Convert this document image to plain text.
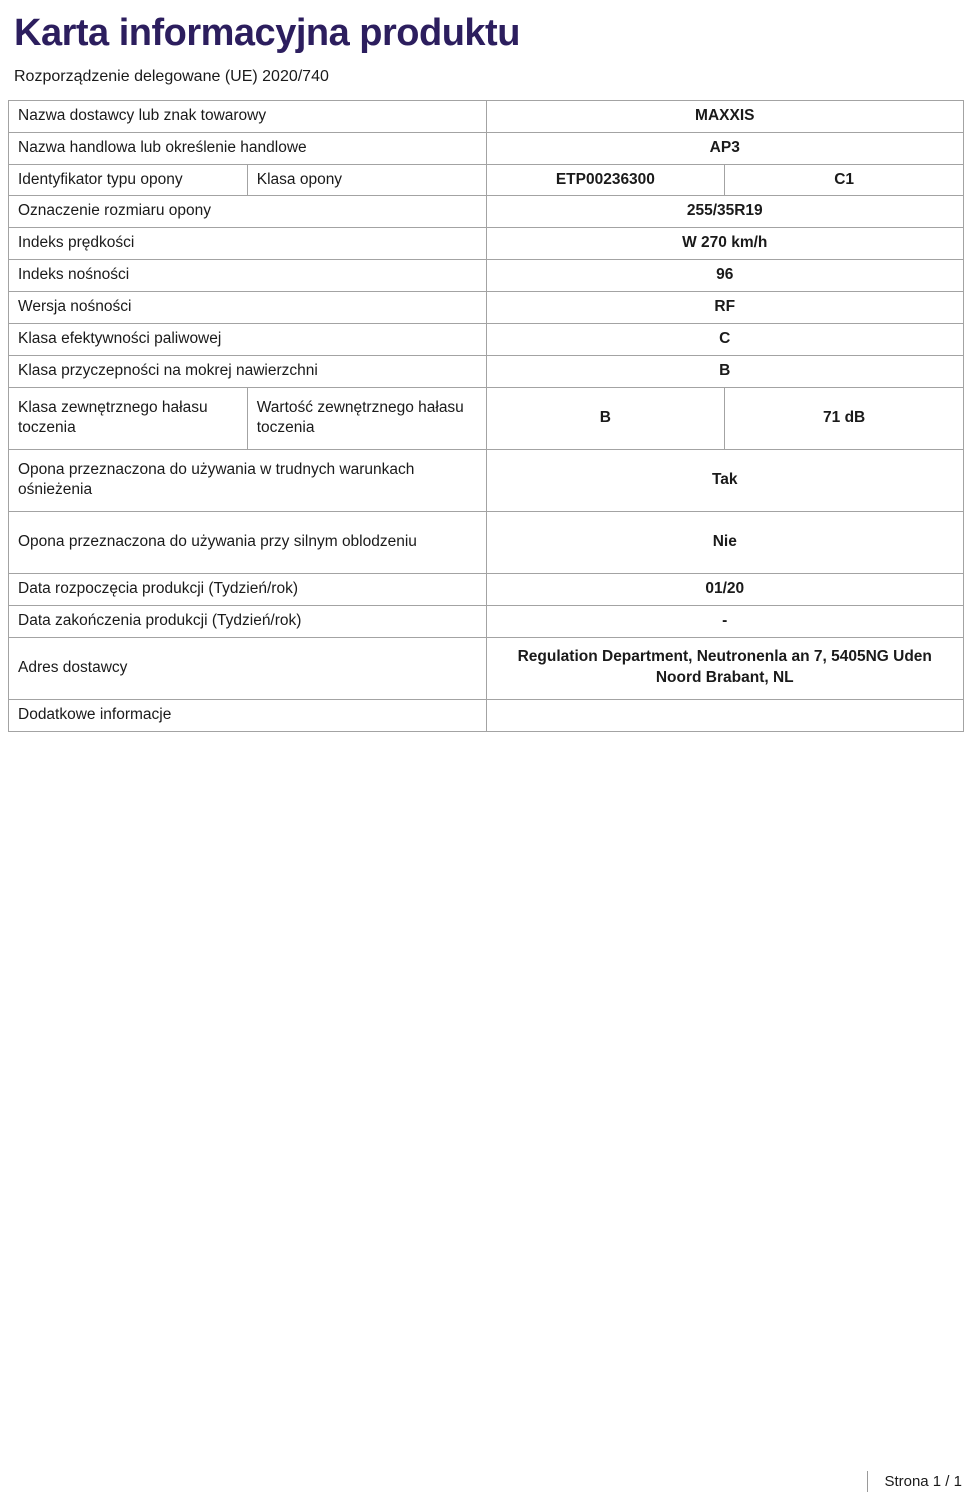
Karta informacyjna produktu
Rozporządzenie delegowane (UE) 2020/740
Nazwa dostawcy lub znak towarowy		MAXXIS	
Nazwa handlowa lub określenie handlowe		AP3	
Identyfikator typu opony	Klasa opony	ETP00236300	C1
Oznaczenie rozmiaru opony		255/35R19	
Indeks prędkości		W 270 km/h	
Indeks nośności		96	
Wersja nośności		RF	
Klasa efektywności paliwowej		C	
Klasa przyczepności na mokrej nawierzchni		B	
Klasa zewnętrznego hałasu toczenia	Wartość zewnętrznego hałasu toczenia	B	71 dB
Opona przeznaczona do używania w trudnych warunkach ośnieżenia		Tak	
Opona przeznaczona do używania przy silnym oblodzeniu		Nie	
Data rozpoczęcia produkcji (Tydzień/rok)		01/20	
Data zakończenia produkcji (Tydzień/rok)		-	
Adres dostawcy		Regulation Department, Neutronenla an 7, 5405NG Uden Noord Brabant, NL	
Dodatkowe informacje			
Strona 1 / 1
